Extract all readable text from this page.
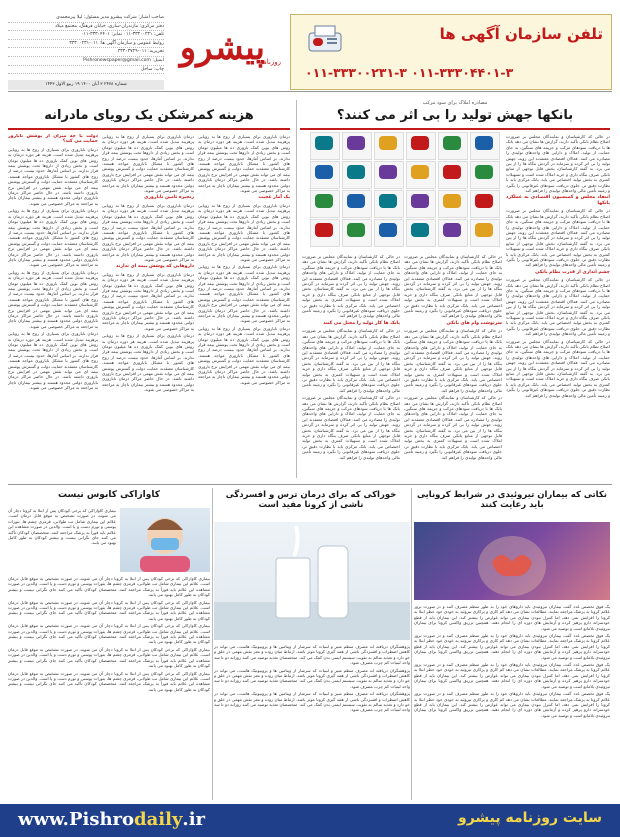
تلفن سازمان آگهی ها
۰۱۱-۳۳۳۰۰۲۳۱-۳ ۰۱۱-۳۳۳۰۴۴۰۱-۳
پیشرو
روزنامه
صاحب امتیاز: شرکت پیشرو مدیر مسئول: لیلا پیرمحمدی
دفتر مرکزی: مازندران-ساری، خیابان فرهنگ، مجتمع میلاد
تلفن: ۳۳۳۰۰۲۳۱-۰۱۱ نمابر: ۳۳۳۰۴۴۰۱-۰۱۱
روابط عمومی و سازمان آگهی ها: ۰۱۱-۳۳۳۰۰۲۳۱
تحریریه: ۰۱۱-۳۳۳۰۳۷۲۹
ایمیل: Pishronewspaper@gmail.com
چاپ: ساحل
شماره ۲۴۷۸ ۳ آبان ۱۴۰۰ ۱۹ ربیع الاول ۱۴۴۳
مصادره املاک برای سود مرکب
بانکها جهش تولید را بی اثر می کنند؟

در حالی که کارشناسان و نمایندگان مجلس بر ضرورت اصلاح نظام بانکی تأکید دارند، گزارش ها نشان می دهد بانک ها با دریافت سودهای مرکب و جریمه های سنگین، به جای حمایت از تولید، املاک و دارایی های واحدهای تولیدی را مصادره می کنند. فعالان اقتصادی معتقدند این رویه، جهش تولید را بی اثر کرده و سرمایه در گردش بنگاه ها را از بین می برد. به گفته کارشناسان، بخش قابل توجهی از منابع بانکی صرف بنگاه داری و خرید املاک شده است و تسهیلات کمتری به بخش تولید اختصاص می یابد. بانک مرکزی باید با نظارت دقیق تر، جلوی دریافت سودهای غیرقانونی را بگیرد و زمینه تأمین مالی واحدهای تولیدی را فراهم کند.

انتقاد مجلس و کمیسیون اقتصادی به عملکرد بانکها

در حالی که کارشناسان و نمایندگان مجلس بر ضرورت اصلاح نظام بانکی تأکید دارند، گزارش ها نشان می دهد بانک ها با دریافت سودهای مرکب و جریمه های سنگین، به جای حمایت از تولید، املاک و دارایی های واحدهای تولیدی را مصادره می کنند. فعالان اقتصادی معتقدند این رویه، جهش تولید را بی اثر کرده و سرمایه در گردش بنگاه ها را از بین می برد. به گفته کارشناسان، بخش قابل توجهی از منابع بانکی صرف بنگاه داری و خرید املاک شده است و تسهیلات کمتری به بخش تولید اختصاص می یابد. بانک مرکزی باید با نظارت دقیق تر، جلوی دریافت سودهای غیرقانونی را بگیرد و زمینه تأمین مالی واحدهای تولیدی را فراهم کند.

چشم اندازی از قدرت نظام بانکی

در حالی که کارشناسان و نمایندگان مجلس بر ضرورت اصلاح نظام بانکی تأکید دارند، گزارش ها نشان می دهد بانک ها با دریافت سودهای مرکب و جریمه های سنگین، به جای حمایت از تولید، املاک و دارایی های واحدهای تولیدی را مصادره می کنند. فعالان اقتصادی معتقدند این رویه، جهش تولید را بی اثر کرده و سرمایه در گردش بنگاه ها را از بین می برد. به گفته کارشناسان، بخش قابل توجهی از منابع بانکی صرف بنگاه داری و خرید املاک شده است و تسهیلات کمتری به بخش تولید اختصاص می یابد. بانک مرکزی باید با نظارت دقیق تر، جلوی دریافت سودهای غیرقانونی را بگیرد و زمینه تأمین مالی واحدهای تولیدی را فراهم کند.

در حالی که کارشناسان و نمایندگان مجلس بر ضرورت اصلاح نظام بانکی تأکید دارند، گزارش ها نشان می دهد بانک ها با دریافت سودهای مرکب و جریمه های سنگین، به جای حمایت از تولید، املاک و دارایی های واحدهای تولیدی را مصادره می کنند. فعالان اقتصادی معتقدند این رویه، جهش تولید را بی اثر کرده و سرمایه در گردش بنگاه ها را از بین می برد. به گفته کارشناسان، بخش قابل توجهی از منابع بانکی صرف بنگاه داری و خرید املاک شده است و تسهیلات کمتری به بخش تولید اختصاص می یابد. بانک مرکزی باید با نظارت دقیق تر، جلوی دریافت سودهای غیرقانونی را بگیرد و زمینه تأمین مالی واحدهای تولیدی را فراهم کند.

در حالی که کارشناسان و نمایندگان مجلس بر ضرورت اصلاح نظام بانکی تأکید دارند، گزارش ها نشان می دهد بانک ها با دریافت سودهای مرکب و جریمه های سنگین، به جای حمایت از تولید، املاک و دارایی های واحدهای تولیدی را مصادره می کنند. فعالان اقتصادی معتقدند این رویه، جهش تولید را بی اثر کرده و سرمایه در گردش بنگاه ها را از بین می برد. به گفته کارشناسان، بخش قابل توجهی از منابع بانکی صرف بنگاه داری و خرید املاک شده است و تسهیلات کمتری به بخش تولید اختصاص می یابد. بانک مرکزی باید با نظارت دقیق تر، جلوی دریافت سودهای غیرقانونی را بگیرد و زمینه تأمین مالی واحدهای تولیدی را فراهم کند.

سرنوشت وام های بانکی

در حالی که کارشناسان و نمایندگان مجلس بر ضرورت اصلاح نظام بانکی تأکید دارند، گزارش ها نشان می دهد بانک ها با دریافت سودهای مرکب و جریمه های سنگین، به جای حمایت از تولید، املاک و دارایی های واحدهای تولیدی را مصادره می کنند. فعالان اقتصادی معتقدند این رویه، جهش تولید را بی اثر کرده و سرمایه در گردش بنگاه ها را از بین می برد. به گفته کارشناسان، بخش قابل توجهی از منابع بانکی صرف بنگاه داری و خرید املاک شده است و تسهیلات کمتری به بخش تولید اختصاص می یابد. بانک مرکزی باید با نظارت دقیق تر، جلوی دریافت سودهای غیرقانونی را بگیرد و زمینه تأمین مالی واحدهای تولیدی را فراهم کند.

در حالی که کارشناسان و نمایندگان مجلس بر ضرورت اصلاح نظام بانکی تأکید دارند، گزارش ها نشان می دهد بانک ها با دریافت سودهای مرکب و جریمه های سنگین، به جای حمایت از تولید، املاک و دارایی های واحدهای تولیدی را مصادره می کنند. فعالان اقتصادی معتقدند این رویه، جهش تولید را بی اثر کرده و سرمایه در گردش بنگاه ها را از بین می برد. به گفته کارشناسان، بخش قابل توجهی از منابع بانکی صرف بنگاه داری و خرید املاک شده است و تسهیلات کمتری به بخش تولید اختصاص می یابد. بانک مرکزی باید با نظارت دقیق تر، جلوی دریافت سودهای غیرقانونی را بگیرد و زمینه تأمین مالی واحدهای تولیدی را فراهم کند.

در حالی که کارشناسان و نمایندگان مجلس بر ضرورت اصلاح نظام بانکی تأکید دارند، گزارش ها نشان می دهد بانک ها با دریافت سودهای مرکب و جریمه های سنگین، به جای حمایت از تولید، املاک و دارایی های واحدهای تولیدی را مصادره می کنند. فعالان اقتصادی معتقدند این رویه، جهش تولید را بی اثر کرده و سرمایه در گردش بنگاه ها را از بین می برد. به گفته کارشناسان، بخش قابل توجهی از منابع بانکی صرف بنگاه داری و خرید املاک شده است و تسهیلات کمتری به بخش تولید اختصاص می یابد. بانک مرکزی باید با نظارت دقیق تر، جلوی دریافت سودهای غیرقانونی را بگیرد و زمینه تأمین مالی واحدهای تولیدی را فراهم کند.

بانک ها کار تولید را مختل می کنند

در حالی که کارشناسان و نمایندگان مجلس بر ضرورت اصلاح نظام بانکی تأکید دارند، گزارش ها نشان می دهد بانک ها با دریافت سودهای مرکب و جریمه های سنگین، به جای حمایت از تولید، املاک و دارایی های واحدهای تولیدی را مصادره می کنند. فعالان اقتصادی معتقدند این رویه، جهش تولید را بی اثر کرده و سرمایه در گردش بنگاه ها را از بین می برد. به گفته کارشناسان، بخش قابل توجهی از منابع بانکی صرف بنگاه داری و خرید املاک شده است و تسهیلات کمتری به بخش تولید اختصاص می یابد. بانک مرکزی باید با نظارت دقیق تر، جلوی دریافت سودهای غیرقانونی را بگیرد و زمینه تأمین مالی واحدهای تولیدی را فراهم کند.

در حالی که کارشناسان و نمایندگان مجلس بر ضرورت اصلاح نظام بانکی تأکید دارند، گزارش ها نشان می دهد بانک ها با دریافت سودهای مرکب و جریمه های سنگین، به جای حمایت از تولید، املاک و دارایی های واحدهای تولیدی را مصادره می کنند. فعالان اقتصادی معتقدند این رویه، جهش تولید را بی اثر کرده و سرمایه در گردش بنگاه ها را از بین می برد. به گفته کارشناسان، بخش قابل توجهی از منابع بانکی صرف بنگاه داری و خرید املاک شده است و تسهیلات کمتری به بخش تولید اختصاص می یابد. بانک مرکزی باید با نظارت دقیق تر، جلوی دریافت سودهای غیرقانونی را بگیرد و زمینه تأمین مالی واحدهای تولیدی را فراهم کند.

هزینه کمرشکن یک رویای مادرانه

درمان ناباروری برای بسیاری از زوج ها به رویایی پرهزینه تبدیل شده است. هزینه هر دوره درمان به روش های نوین کمک باروری ده ها میلیون تومان است و بخش زیادی از داروها تحت پوشش بیمه قرار ندارند. بر اساس آمارها، حدود بیست درصد از زوج های کشور با مشکل ناباروری مواجه هستند. کارشناسان معتقدند حمایت دولت و گسترش پوشش بیمه ای می تواند نقش مهمی در افزایش نرخ باروری داشته باشد. در حال حاضر مراکز درمان ناباروری دولتی محدود هستند و بیشتر بیماران ناچار به مراجعه به مراکز خصوصی می شوند.

یک آمار عجیب

درمان ناباروری برای بسیاری از زوج ها به رویایی پرهزینه تبدیل شده است. هزینه هر دوره درمان به روش های نوین کمک باروری ده ها میلیون تومان است و بخش زیادی از داروها تحت پوشش بیمه قرار ندارند. بر اساس آمارها، حدود بیست درصد از زوج های کشور با مشکل ناباروری مواجه هستند. کارشناسان معتقدند حمایت دولت و گسترش پوشش بیمه ای می تواند نقش مهمی در افزایش نرخ باروری داشته باشد. در حال حاضر مراکز درمان ناباروری دولتی محدود هستند و بیشتر بیماران ناچار به مراجعه به مراکز خصوصی می شوند.

درمان ناباروری برای بسیاری از زوج ها به رویایی پرهزینه تبدیل شده است. هزینه هر دوره درمان به روش های نوین کمک باروری ده ها میلیون تومان است و بخش زیادی از داروها تحت پوشش بیمه قرار ندارند. بر اساس آمارها، حدود بیست درصد از زوج های کشور با مشکل ناباروری مواجه هستند. کارشناسان معتقدند حمایت دولت و گسترش پوشش بیمه ای می تواند نقش مهمی در افزایش نرخ باروری داشته باشد. در حال حاضر مراکز درمان ناباروری دولتی محدود هستند و بیشتر بیماران ناچار به مراجعه به مراکز خصوصی می شوند.

درمان ناباروری برای بسیاری از زوج ها به رویایی پرهزینه تبدیل شده است. هزینه هر دوره درمان به روش های نوین کمک باروری ده ها میلیون تومان است و بخش زیادی از داروها تحت پوشش بیمه قرار ندارند. بر اساس آمارها، حدود بیست درصد از زوج های کشور با مشکل ناباروری مواجه هستند. کارشناسان معتقدند حمایت دولت و گسترش پوشش بیمه ای می تواند نقش مهمی در افزایش نرخ باروری داشته باشد. در حال حاضر مراکز درمان ناباروری دولتی محدود هستند و بیشتر بیماران ناچار به مراجعه به مراکز خصوصی می شوند.

درمان ناباروری برای بسیاری از زوج ها به رویایی پرهزینه تبدیل شده است. هزینه هر دوره درمان به روش های نوین کمک باروری ده ها میلیون تومان است و بخش زیادی از داروها تحت پوشش بیمه قرار ندارند. بر اساس آمارها، حدود بیست درصد از زوج های کشور با مشکل ناباروری مواجه هستند. کارشناسان معتقدند حمایت دولت و گسترش پوشش بیمه ای می تواند نقش مهمی در افزایش نرخ باروری داشته باشد. در حال حاضر مراکز درمان ناباروری دولتی محدود هستند و بیشتر بیماران ناچار به مراجعه به مراکز خصوصی می شوند.

زنجیره تامین ناباروری

درمان ناباروری برای بسیاری از زوج ها به رویایی پرهزینه تبدیل شده است. هزینه هر دوره درمان به روش های نوین کمک باروری ده ها میلیون تومان است و بخش زیادی از داروها تحت پوشش بیمه قرار ندارند. بر اساس آمارها، حدود بیست درصد از زوج های کشور با مشکل ناباروری مواجه هستند. کارشناسان معتقدند حمایت دولت و گسترش پوشش بیمه ای می تواند نقش مهمی در افزایش نرخ باروری داشته باشد. در حال حاضر مراکز درمان ناباروری دولتی محدود هستند و بیشتر بیماران ناچار به مراجعه به مراکز خصوصی می شوند.

داروهایی که پوشش بیمه ای ندارند

درمان ناباروری برای بسیاری از زوج ها به رویایی پرهزینه تبدیل شده است. هزینه هر دوره درمان به روش های نوین کمک باروری ده ها میلیون تومان است و بخش زیادی از داروها تحت پوشش بیمه قرار ندارند. بر اساس آمارها، حدود بیست درصد از زوج های کشور با مشکل ناباروری مواجه هستند. کارشناسان معتقدند حمایت دولت و گسترش پوشش بیمه ای می تواند نقش مهمی در افزایش نرخ باروری داشته باشد. در حال حاضر مراکز درمان ناباروری دولتی محدود هستند و بیشتر بیماران ناچار به مراجعه به مراکز خصوصی می شوند.

درمان ناباروری برای بسیاری از زوج ها به رویایی پرهزینه تبدیل شده است. هزینه هر دوره درمان به روش های نوین کمک باروری ده ها میلیون تومان است و بخش زیادی از داروها تحت پوشش بیمه قرار ندارند. بر اساس آمارها، حدود بیست درصد از زوج های کشور با مشکل ناباروری مواجه هستند. کارشناسان معتقدند حمایت دولت و گسترش پوشش بیمه ای می تواند نقش مهمی در افزایش نرخ باروری داشته باشد. در حال حاضر مراکز درمان ناباروری دولتی محدود هستند و بیشتر بیماران ناچار به مراجعه به مراکز خصوصی می شوند.

دولت با چه میزان از پوشش نابارور حمایت می کند؟

درمان ناباروری برای بسیاری از زوج ها به رویایی پرهزینه تبدیل شده است. هزینه هر دوره درمان به روش های نوین کمک باروری ده ها میلیون تومان است و بخش زیادی از داروها تحت پوشش بیمه قرار ندارند. بر اساس آمارها، حدود بیست درصد از زوج های کشور با مشکل ناباروری مواجه هستند. کارشناسان معتقدند حمایت دولت و گسترش پوشش بیمه ای می تواند نقش مهمی در افزایش نرخ باروری داشته باشد. در حال حاضر مراکز درمان ناباروری دولتی محدود هستند و بیشتر بیماران ناچار به مراجعه به مراکز خصوصی می شوند.

درمان ناباروری برای بسیاری از زوج ها به رویایی پرهزینه تبدیل شده است. هزینه هر دوره درمان به روش های نوین کمک باروری ده ها میلیون تومان است و بخش زیادی از داروها تحت پوشش بیمه قرار ندارند. بر اساس آمارها، حدود بیست درصد از زوج های کشور با مشکل ناباروری مواجه هستند. کارشناسان معتقدند حمایت دولت و گسترش پوشش بیمه ای می تواند نقش مهمی در افزایش نرخ باروری داشته باشد. در حال حاضر مراکز درمان ناباروری دولتی محدود هستند و بیشتر بیماران ناچار به مراجعه به مراکز خصوصی می شوند.

درمان ناباروری برای بسیاری از زوج ها به رویایی پرهزینه تبدیل شده است. هزینه هر دوره درمان به روش های نوین کمک باروری ده ها میلیون تومان است و بخش زیادی از داروها تحت پوشش بیمه قرار ندارند. بر اساس آمارها، حدود بیست درصد از زوج های کشور با مشکل ناباروری مواجه هستند. کارشناسان معتقدند حمایت دولت و گسترش پوشش بیمه ای می تواند نقش مهمی در افزایش نرخ باروری داشته باشد. در حال حاضر مراکز درمان ناباروری دولتی محدود هستند و بیشتر بیماران ناچار به مراجعه به مراکز خصوصی می شوند.

درمان ناباروری برای بسیاری از زوج ها به رویایی پرهزینه تبدیل شده است. هزینه هر دوره درمان به روش های نوین کمک باروری ده ها میلیون تومان است و بخش زیادی از داروها تحت پوشش بیمه قرار ندارند. بر اساس آمارها، حدود بیست درصد از زوج های کشور با مشکل ناباروری مواجه هستند. کارشناسان معتقدند حمایت دولت و گسترش پوشش بیمه ای می تواند نقش مهمی در افزایش نرخ باروری داشته باشد. در حال حاضر مراکز درمان ناباروری دولتی محدود هستند و بیشتر بیماران ناچار به مراجعه به مراکز خصوصی می شوند.

نکاتی که بیماران تیروئیدی در شرایط کرونایی باید رعایت کنند

یک فوق تخصص غدد گفت بیماران تیروئیدی باید داروهای خود را به طور منظم مصرف کنند و در صورت بروز علائم کرونا به پزشک مراجعه نمایند. مطالعات نشان می دهد کم کاری و پرکاری تیروئید به خودی خود خطر ابتلا به کرونا را افزایش نمی دهد، اما کنترل نبودن بیماری می تواند عوارض را بیشتر کند. این بیماران باید از قطع خودسرانه دارو پرهیز کرده و آزمایش های دوره ای را انجام دهند. همچنین تزریق واکسن کرونا برای بیماران تیروئیدی بلامانع است و توصیه می شود.

یک فوق تخصص غدد گفت بیماران تیروئیدی باید داروهای خود را به طور منظم مصرف کنند و در صورت بروز علائم کرونا به پزشک مراجعه نمایند. مطالعات نشان می دهد کم کاری و پرکاری تیروئید به خودی خود خطر ابتلا به کرونا را افزایش نمی دهد، اما کنترل نبودن بیماری می تواند عوارض را بیشتر کند. این بیماران باید از قطع خودسرانه دارو پرهیز کرده و آزمایش های دوره ای را انجام دهند. همچنین تزریق واکسن کرونا برای بیماران تیروئیدی بلامانع است و توصیه می شود.

یک فوق تخصص غدد گفت بیماران تیروئیدی باید داروهای خود را به طور منظم مصرف کنند و در صورت بروز علائم کرونا به پزشک مراجعه نمایند. مطالعات نشان می دهد کم کاری و پرکاری تیروئید به خودی خود خطر ابتلا به کرونا را افزایش نمی دهد، اما کنترل نبودن بیماری می تواند عوارض را بیشتر کند. این بیماران باید از قطع خودسرانه دارو پرهیز کرده و آزمایش های دوره ای را انجام دهند. همچنین تزریق واکسن کرونا برای بیماران تیروئیدی بلامانع است و توصیه می شود.

یک فوق تخصص غدد گفت بیماران تیروئیدی باید داروهای خود را به طور منظم مصرف کنند و در صورت بروز علائم کرونا به پزشک مراجعه نمایند. مطالعات نشان می دهد کم کاری و پرکاری تیروئید به خودی خود خطر ابتلا به کرونا را افزایش نمی دهد، اما کنترل نبودن بیماری می تواند عوارض را بیشتر کند. این بیماران باید از قطع خودسرانه دارو پرهیز کرده و آزمایش های دوره ای را انجام دهند. همچنین تزریق واکسن کرونا برای بیماران تیروئیدی بلامانع است و توصیه می شود.

خوراکی که برای درمان ترس و افسردگی ناشی از کرونا مفید است

پژوهشگران دریافته اند مصرف منظم شیر و لبنیات که سرشار از ویتامین ها و پروبیوتیک هاست، می تواند در کاهش اضطراب و افسردگی ناشی از همه گیری کرونا موثر باشد. ارتباط میان روده و مغز نقش مهمی در خلق و خو دارد و تغذیه سالم به تقویت سیستم ایمنی بدن کمک می کند. متخصصان تغذیه توصیه می کنند روزانه دو تا سه واحد لبنیات کم چرب مصرف شود.

پژوهشگران دریافته اند مصرف منظم شیر و لبنیات که سرشار از ویتامین ها و پروبیوتیک هاست، می تواند در کاهش اضطراب و افسردگی ناشی از همه گیری کرونا موثر باشد. ارتباط میان روده و مغز نقش مهمی در خلق و خو دارد و تغذیه سالم به تقویت سیستم ایمنی بدن کمک می کند. متخصصان تغذیه توصیه می کنند روزانه دو تا سه واحد لبنیات کم چرب مصرف شود.

پژوهشگران دریافته اند مصرف منظم شیر و لبنیات که سرشار از ویتامین ها و پروبیوتیک هاست، می تواند در کاهش اضطراب و افسردگی ناشی از همه گیری کرونا موثر باشد. ارتباط میان روده و مغز نقش مهمی در خلق و خو دارد و تغذیه سالم به تقویت سیستم ایمنی بدن کمک می کند. متخصصان تغذیه توصیه می کنند روزانه دو تا سه واحد لبنیات کم چرب مصرف شود.

کاوازاکی کابوس نیست

بیماری کاوازاکی که برخی کودکان پس از ابتلا به کرونا دچار آن می شوند، در صورت تشخیص به موقع قابل درمان است. علائم این بیماری شامل تب طولانی، قرمزی چشم ها، بثورات پوستی و تورم دست و پا است. والدین در صورت مشاهده این علائم باید فوراً به پزشک مراجعه کنند. متخصصان کودکان تأکید می کنند جای نگرانی نیست و بیشتر کودکان به طور کامل بهبود می یابند.

بیماری کاوازاکی که برخی کودکان پس از ابتلا به کرونا دچار آن می شوند، در صورت تشخیص به موقع قابل درمان است. علائم این بیماری شامل تب طولانی، قرمزی چشم ها، بثورات پوستی و تورم دست و پا است. والدین در صورت مشاهده این علائم باید فوراً به پزشک مراجعه کنند. متخصصان کودکان تأکید می کنند جای نگرانی نیست و بیشتر کودکان به طور کامل بهبود می یابند.

بیماری کاوازاکی که برخی کودکان پس از ابتلا به کرونا دچار آن می شوند، در صورت تشخیص به موقع قابل درمان است. علائم این بیماری شامل تب طولانی، قرمزی چشم ها، بثورات پوستی و تورم دست و پا است. والدین در صورت مشاهده این علائم باید فوراً به پزشک مراجعه کنند. متخصصان کودکان تأکید می کنند جای نگرانی نیست و بیشتر کودکان به طور کامل بهبود می یابند.

بیماری کاوازاکی که برخی کودکان پس از ابتلا به کرونا دچار آن می شوند، در صورت تشخیص به موقع قابل درمان است. علائم این بیماری شامل تب طولانی، قرمزی چشم ها، بثورات پوستی و تورم دست و پا است. والدین در صورت مشاهده این علائم باید فوراً به پزشک مراجعه کنند. متخصصان کودکان تأکید می کنند جای نگرانی نیست و بیشتر کودکان به طور کامل بهبود می یابند.

بیماری کاوازاکی که برخی کودکان پس از ابتلا به کرونا دچار آن می شوند، در صورت تشخیص به موقع قابل درمان است. علائم این بیماری شامل تب طولانی، قرمزی چشم ها، بثورات پوستی و تورم دست و پا است. والدین در صورت مشاهده این علائم باید فوراً به پزشک مراجعه کنند. متخصصان کودکان تأکید می کنند جای نگرانی نیست و بیشتر کودکان به طور کامل بهبود می یابند.

بیماری کاوازاکی که برخی کودکان پس از ابتلا به کرونا دچار آن می شوند، در صورت تشخیص به موقع قابل درمان است. علائم این بیماری شامل تب طولانی، قرمزی چشم ها، بثورات پوستی و تورم دست و پا است. والدین در صورت مشاهده این علائم باید فوراً به پزشک مراجعه کنند. متخصصان کودکان تأکید می کنند جای نگرانی نیست و بیشتر کودکان به طور کامل بهبود می یابند.

www.Pishrodaily.ir	سایت روزنامه پیشرو
